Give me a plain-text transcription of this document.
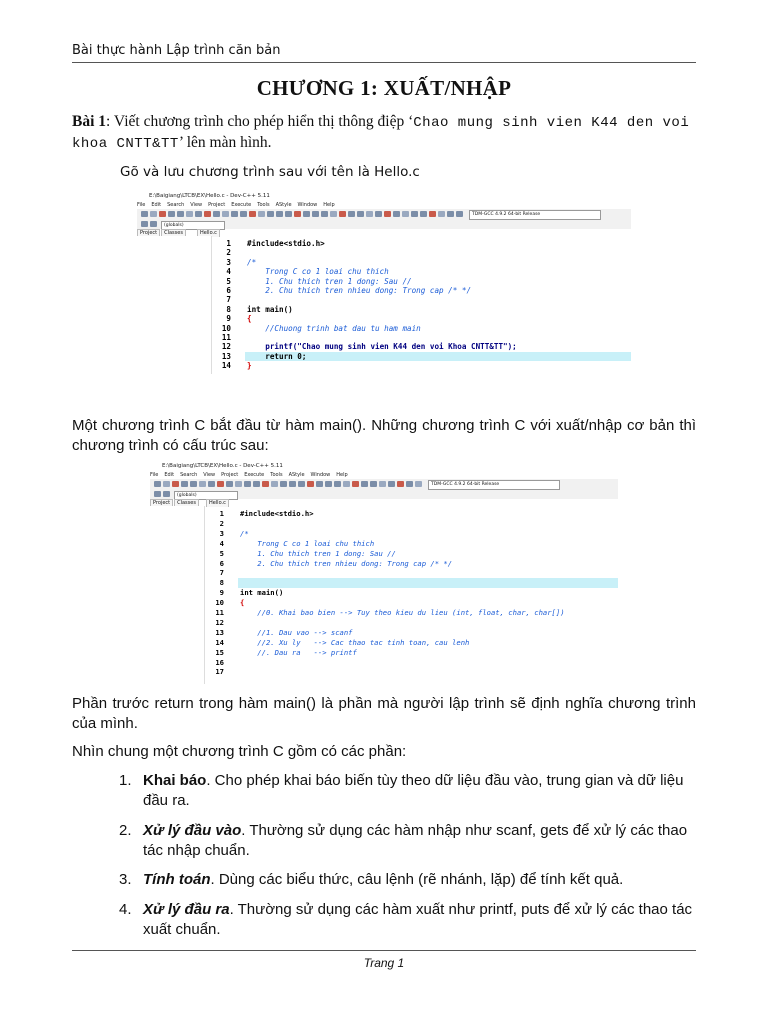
Bài thực hành Lập trình căn bản
CHƯƠNG 1: XUẤT/NHẬP
Bài 1: Viết chương trình cho phép hiển thị thông điệp ‘Chao mung sinh vien K44 den voi khoa CNTT&TT’ lên màn hình.
Gõ và lưu chương trình sau với tên là Hello.c
E:\Baigiang\LTCB\EX\Hello.c - Dev-C++ 5.11
File Edit Search View Project Execute Tools AStyle Window Help
TDM-GCC 4.9.2 64-bit Release
(globals)
Project Classes	Hello.c
1 #include<stdio.h>
2
3 /*
4 Trong C co 1 loai chu thich
5 1. Chu thich tren 1 dong: Sau //
6 2. Chu thich tren nhieu dong: Trong cap /* */
7
8 int main()
9 {
10 //Chuong trinh bat dau tu ham main
11
12 printf("Chao mung sinh vien K44 den voi Khoa CNTT&TT");
13 return 0;
14 }
Một chương trình C bắt đầu từ hàm main(). Những chương trình C với xuất/nhập cơ bản thì chương trình có cấu trúc sau:
E:\Baigiang\LTCB\EX\Hello.c - Dev-C++ 5.11
File Edit Search View Project Execute Tools AStyle Window Help
TDM-GCC 4.9.2 64-bit Release
(globals)
Project Classes	Hello.c
1 #include<stdio.h>
2
3 /*
4 Trong C co 1 loai chu thich
5 1. Chu thich tren 1 dong: Sau //
6 2. Chu thich tren nhieu dong: Trong cap /* */
7
8
9 int main()
10 {
11 //0. Khai bao bien --> Tuy theo kieu du lieu (int, float, char, char[])
12
13 //1. Dau vao --> scanf
14 //2. Xu ly   --> Cac thao tac tinh toan, cau lenh
15 //. Dau ra   --> printf
16
17
Phần trước return trong hàm main() là phần mà người lập trình sẽ định nghĩa chương trình của mình.
Nhìn chung một chương trình C gồm có các phần:
1. Khai báo. Cho phép khai báo biến tùy theo dữ liệu đầu vào, trung gian và dữ liệu đầu ra.
2. Xử lý đầu vào. Thường sử dụng các hàm nhập như scanf, gets để xử lý các thao tác nhập chuẩn.
3. Tính toán. Dùng các biểu thức, câu lệnh (rẽ nhánh, lặp) để tính kết quả.
4. Xử lý đầu ra. Thường sử dụng các hàm xuất như printf, puts để xử lý các thao tác xuất chuẩn.
Trang 1
